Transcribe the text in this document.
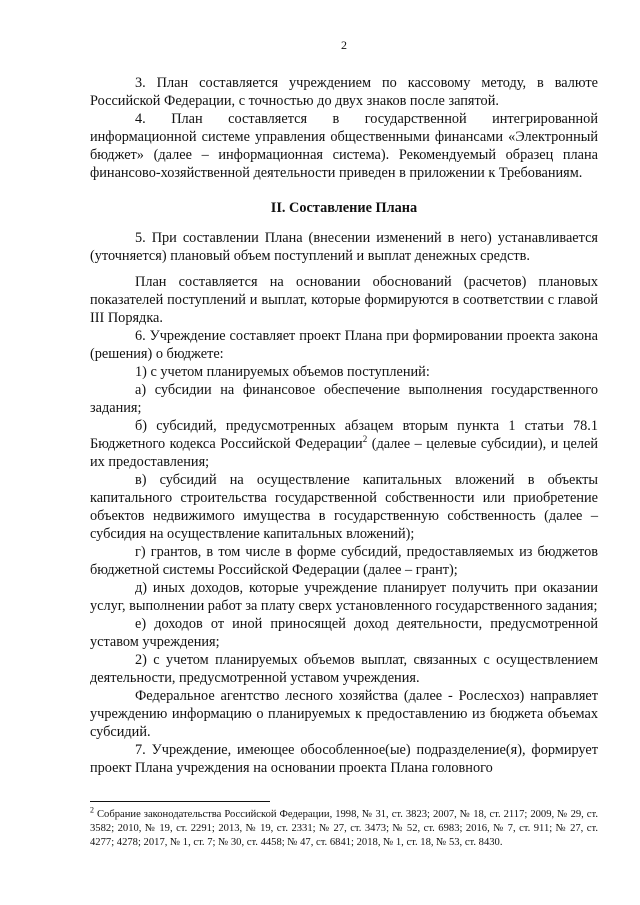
2

3. План составляется учреждением по кассовому методу, в валюте Российской Федерации, с точностью до двух знаков после запятой.

4. План составляется в государственной интегрированной информационной системе управления общественными финансами «Электронный бюджет» (далее – информационная система). Рекомендуемый образец плана финансово-хозяйственной деятельности приведен в приложении к Требованиям.

II. Составление Плана

5. При составлении Плана (внесении изменений в него) устанавливается (уточняется) плановый объем поступлений и выплат денежных средств.

План составляется на основании обоснований (расчетов) плановых показателей поступлений и выплат, которые формируются в соответствии с главой III Порядка.

6. Учреждение составляет проект Плана при формировании проекта закона (решения) о бюджете:

1) с учетом планируемых объемов поступлений:

а) субсидии на финансовое обеспечение выполнения государственного задания;

б) субсидий, предусмотренных абзацем вторым пункта 1 статьи 78.1 Бюджетного кодекса Российской Федерации$^2$ (далее – целевые субсидии), и целей их предоставления;

в) субсидий на осуществление капитальных вложений в объекты капитального строительства государственной собственности или приобретение объектов недвижимого имущества в государственную собственность (далее – субсидия на осуществление капитальных вложений);

г) грантов, в том числе в форме субсидий, предоставляемых из бюджетов бюджетной системы Российской Федерации (далее – грант);

д) иных доходов, которые учреждение планирует получить при оказании услуг, выполнении работ за плату сверх установленного государственного задания;

е) доходов от иной приносящей доход деятельности, предусмотренной уставом учреждения;

2) с учетом планируемых объемов выплат, связанных с осуществлением деятельности, предусмотренной уставом учреждения.

Федеральное агентство лесного хозяйства (далее - Рослесхоз) направляет учреждению информацию о планируемых к предоставлению из бюджета объемах субсидий.

7. Учреждение, имеющее обособленное(ые) подразделение(я), формирует проект Плана учреждения на основании проекта Плана головного

$^2$ Собрание законодательства Российской Федерации, 1998, № 31, ст. 3823; 2007, № 18, ст. 2117; 2009, № 29, ст. 3582; 2010, № 19, ст. 2291; 2013, № 19, ст. 2331; № 27, ст. 3473; № 52, ст. 6983; 2016, № 7, ст. 911; № 27, ст. 4277; 4278; 2017, № 1, ст. 7; № 30, ст. 4458; № 47, ст. 6841; 2018, № 1, ст. 18, № 53, ст. 8430.
